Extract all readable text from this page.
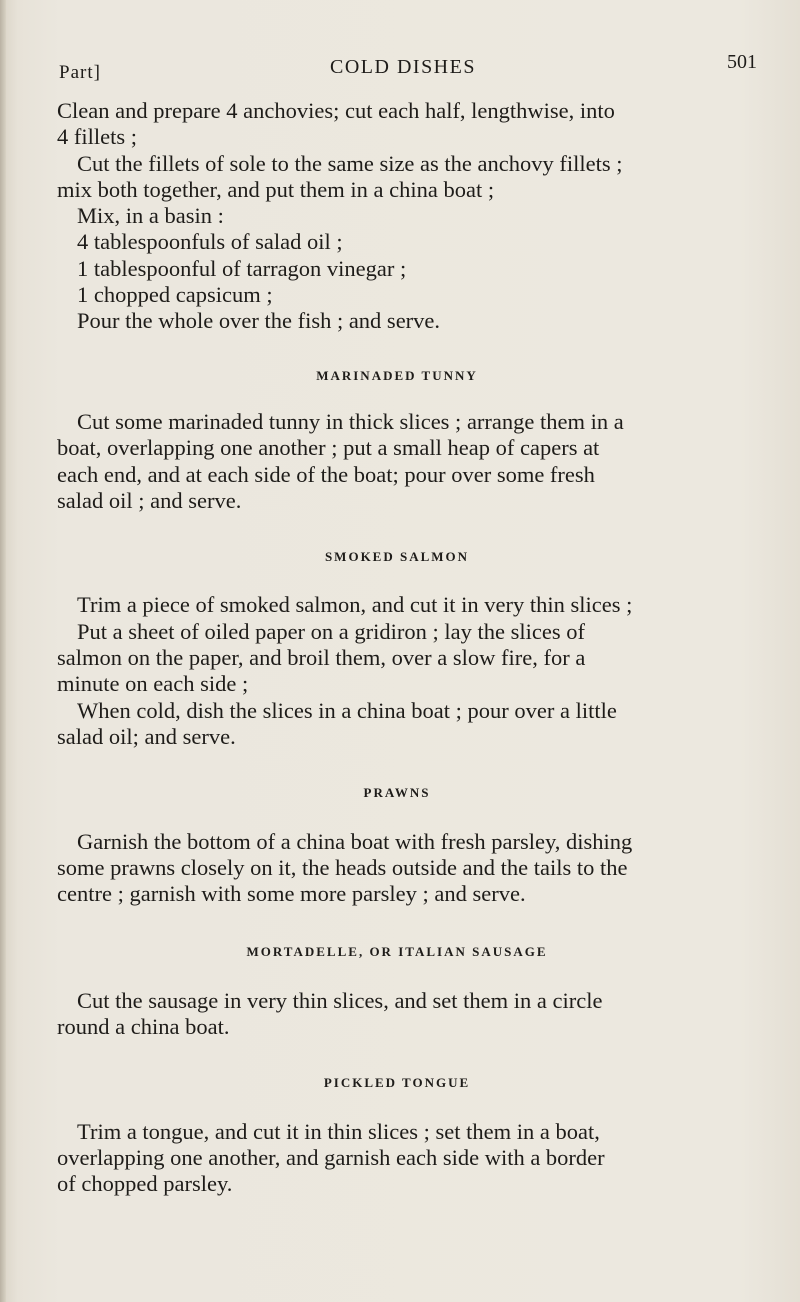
Part]	COLD DISHES	501

Clean and prepare 4 anchovies; cut each half, lengthwise, into

4 fillets ;

Cut the fillets of sole to the same size as the anchovy fillets ;

mix both together, and put them in a china boat ;

Mix, in a basin :

4 tablespoonfuls of salad oil ;

1 tablespoonful of tarragon vinegar ;

1 chopped capsicum ;

Pour the whole over the fish ; and serve.

MARINADED TUNNY

Cut some marinaded tunny in thick slices ; arrange them in a

boat, overlapping one another ; put a small heap of capers at

each end, and at each side of the boat; pour over some fresh

salad oil ; and serve.

SMOKED SALMON

Trim a piece of smoked salmon, and cut it in very thin slices ;

Put a sheet of oiled paper on a gridiron ; lay the slices of

salmon on the paper, and broil them, over a slow fire, for a

minute on each side ;

When cold, dish the slices in a china boat ; pour over a little

salad oil; and serve.

PRAWNS

Garnish the bottom of a china boat with fresh parsley, dishing

some prawns closely on it, the heads outside and the tails to the

centre ; garnish with some more parsley ; and serve.

MORTADELLE, OR ITALIAN SAUSAGE

Cut the sausage in very thin slices, and set them in a circle

round a china boat.

PICKLED TONGUE

Trim a tongue, and cut it in thin slices ; set them in a boat,

overlapping one another, and garnish each side with a border

of chopped parsley.
